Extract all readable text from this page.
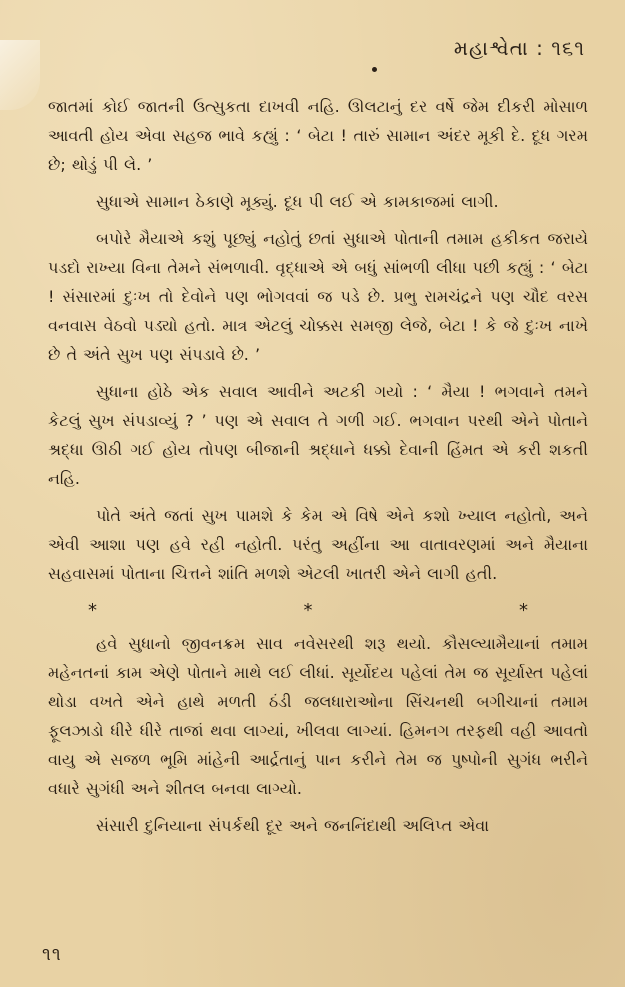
મહાશ્વેતા : ૧૬૧

જાતમાં કોઈ જાતની ઉત્સુકતા દાખવી નહિ. ઊલટાનું દર વર્ષે જેમ દીકરી મોસાળ આવતી હોય એવા સહજ ભાવે કહ્યું : ‘ બેટા ! તારું સામાન અંદર મૂકી દે. દૂધ ગરમ છે; થોડું પી લે. ’

સુધાએ સામાન ઠેકાણે મૂક્યું. દૂધ પી લઈ એ કામકાજમાં લાગી.

બપોરે મૈયાએ કશું પૂછ્યું નહોતું છતાં સુધાએ પોતાની તમામ હકીકત જરાયે પડદો રાખ્યા વિના તેમને સંભળાવી. વૃદ્ધાએ એ બધું સાંભળી લીધા પછી કહ્યું : ‘ બેટા ! સંસારમાં દુઃખ તો દેવોને પણ ભોગવવાં જ પડે છે. પ્રભુ રામચંદ્રને પણ ચૌદ વરસ વનવાસ વેઠવો પડ્યો હતો. માત્ર એટલું ચોક્કસ સમજી લેજે, બેટા ! કે જે દુઃખ નાખે છે તે અંતે સુખ પણ સંપડાવે છે. ’

સુધાના હોઠે એક સવાલ આવીને અટકી ગયો : ‘ મૈયા ! ભગવાને તમને કેટલું સુખ સંપડાવ્યું ? ’ પણ એ સવાલ તે ગળી ગઈ. ભગવાન પરથી એને પોતાને શ્રદ્ધા ઊઠી ગઈ હોય તોપણ બીજાની શ્રદ્ધાને ધક્કો દેવાની હિંમત એ કરી શકતી નહિ.

પોતે અંતે જતાં સુખ પામશે કે કેમ એ વિષે એને કશો ખ્યાલ નહોતો, અને એવી આશા પણ હવે રહી નહોતી. પરંતુ અહીંના આ વાતાવરણમાં અને મૈયાના સહવાસમાં પોતાના ચિત્તને શાંતિ મળશે એટલી ખાતરી એને લાગી હતી.

*	*	*

હવે સુધાનો જીવનક્રમ સાવ નવેસરથી શરૂ થયો. કૌસલ્યામૈયાનાં તમામ મહેનતનાં કામ એણે પોતાને માથે લઈ લીધાં. સૂર્યોદય પહેલાં તેમ જ સૂર્યાસ્ત પહેલાં થોડા વખતે એને હાથે મળતી ઠંડી જલધારાઓના સિંચનથી બગીચાનાં તમામ ફૂલઝાડો ધીરે ધીરે તાજાં થવા લાગ્યાં, ખીલવા લાગ્યાં. હિમનગ તરફથી વહી આવતો વાયુ એ સજળ ભૂમિ માંહેની આર્દ્રતાનું પાન કરીને તેમ જ પુષ્પોની સુગંધ ભરીને વધારે સુગંધી અને શીતલ બનવા લાગ્યો.

સંસારી દુનિયાના સંપર્કથી દૂર અને જનનિંદાથી અલિપ્ત એવા

૧૧
